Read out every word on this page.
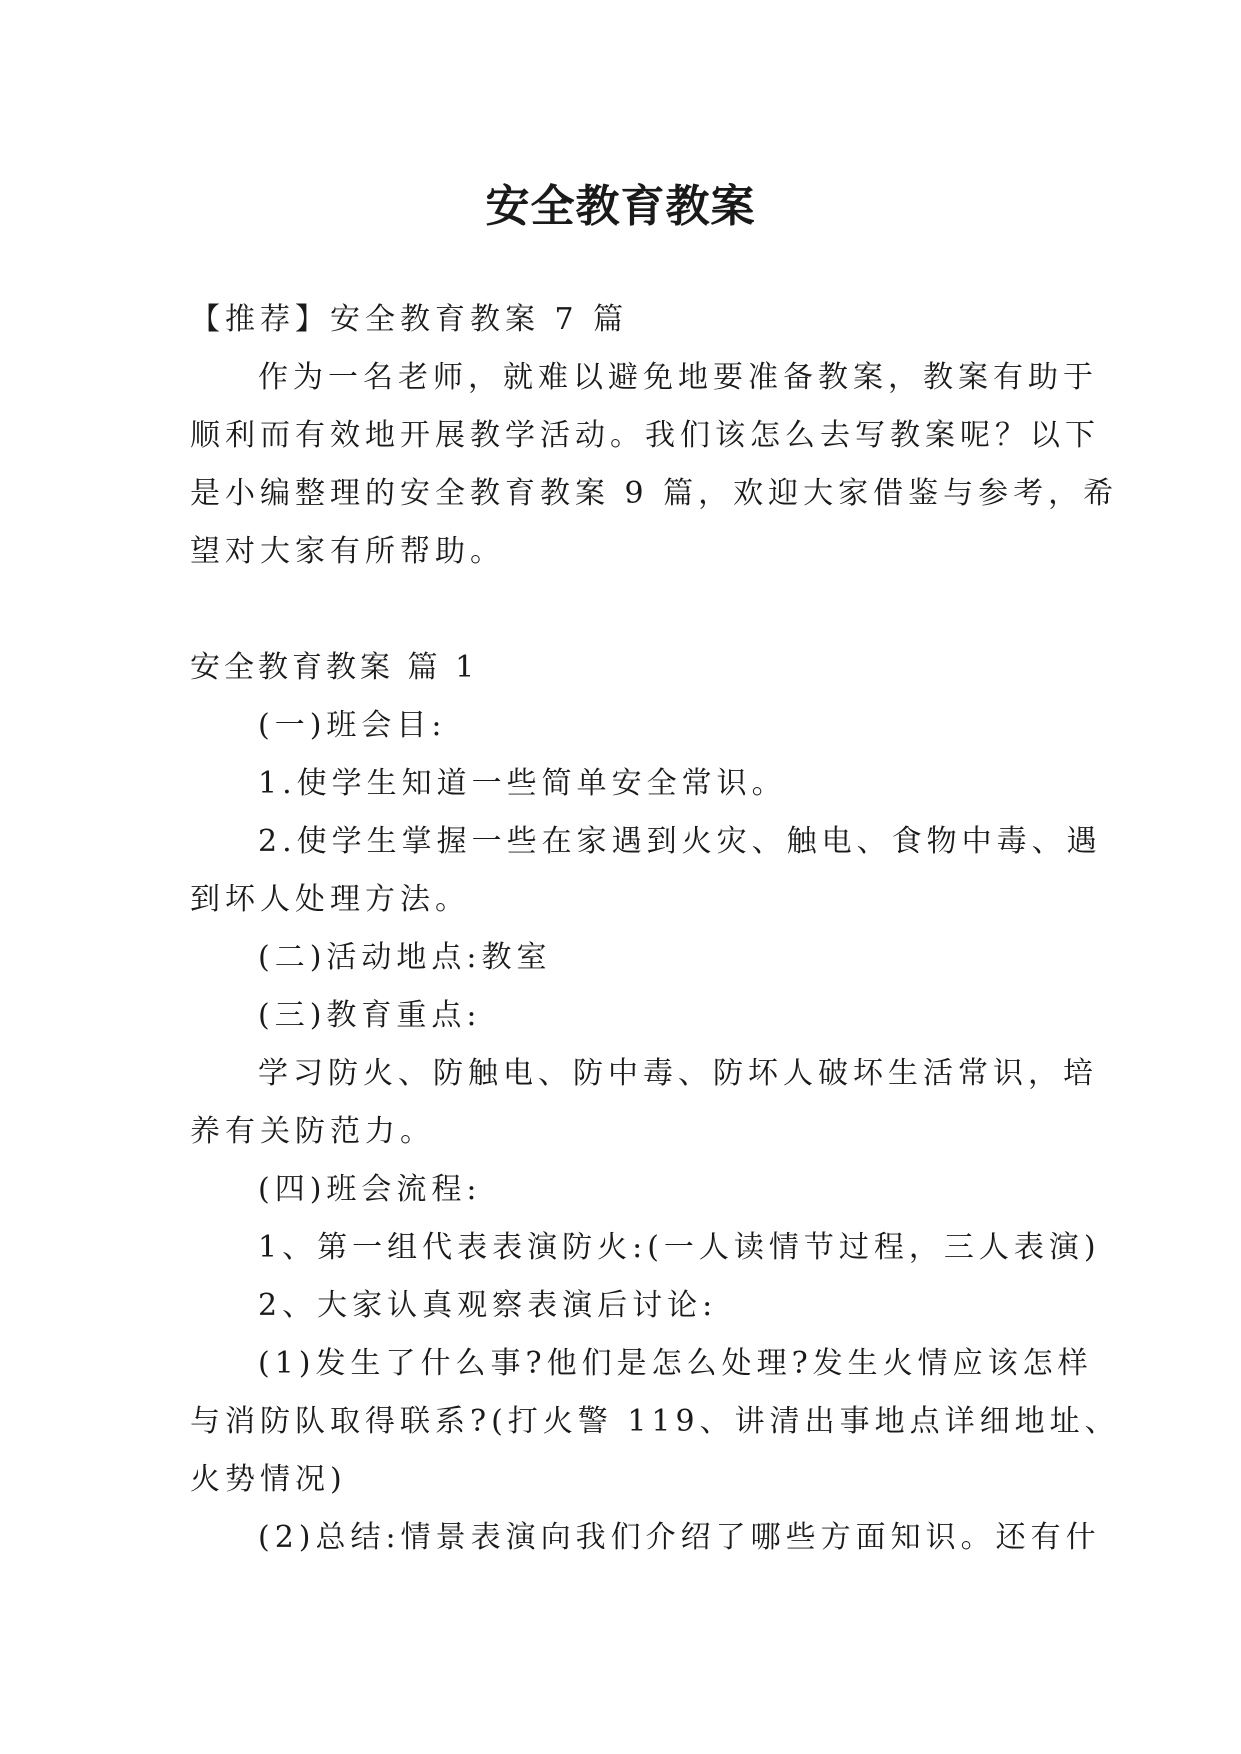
安全教育教案

【推荐】安全教育教案 7 篇

作为一名老师，就难以避免地要准备教案，教案有助于

顺利而有效地开展教学活动。我们该怎么去写教案呢？以下

是小编整理的安全教育教案 9 篇，欢迎大家借鉴与参考，希

望对大家有所帮助。

安全教育教案 篇 1

(一)班会目:

1.使学生知道一些简单安全常识。

2.使学生掌握一些在家遇到火灾、触电、食物中毒、遇

到坏人处理方法。

(二)活动地点:教室

(三)教育重点:

学习防火、防触电、防中毒、防坏人破坏生活常识，培

养有关防范力。

(四)班会流程:

1、第一组代表表演防火:(一人读情节过程，三人表演)

2、大家认真观察表演后讨论:

(1)发生了什么事?他们是怎么处理?发生火情应该怎样

与消防队取得联系?(打火警 119、讲清出事地点详细地址、

火势情况)

(2)总结:情景表演向我们介绍了哪些方面知识。还有什
